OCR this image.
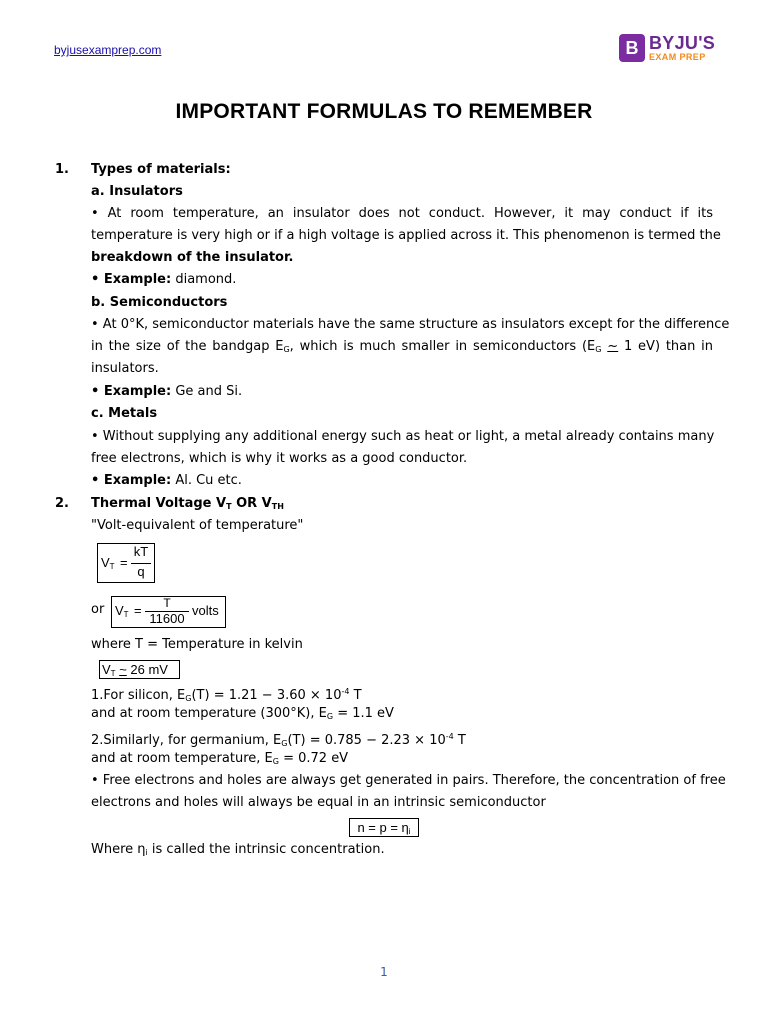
byjusexamprep.com	B BYJU'S
EXAM PREP
IMPORTANT FORMULAS TO REMEMBER
1. Types of materials:
a. Insulators
• At room temperature, an insulator does not conduct. However, it may conduct if its
temperature is very high or if a high voltage is applied across it. This phenomenon is termed the
breakdown of the insulator.
• Example: diamond.
b. Semiconductors
• At 0°K, semiconductor materials have the same structure as insulators except for the difference
in the size of the bandgap $E_G$, which is much smaller in semiconductors ($E_G$ ~ 1 eV) than in
insulators.
• Example: Ge and Si.
c. Metals
• Without supplying any additional energy such as heat or light, a metal already contains many
free electrons, which is why it works as a good conductor.
• Example: Al. Cu etc.
2. Thermal Voltage $V_T$ OR $V_{TH}$
"Volt-equivalent of temperature"
$V_T$ =
kT
q
or $V_T$ =	T
11600
volts
where T = Temperature in kelvin
$V_T$ ~ 26 mV
1.For silicon, $E_G(T) = 1.21 - 3.60 \times 10^{-4}$ T
and at room temperature (300°K), $E_G = 1.1$ eV
2.Similarly, for germanium, $E_G(T) = 0.785 - 2.23 \times 10^{-4}$ T
and at room temperature, $E_G = 0.72$ eV
• Free electrons and holes are always get generated in pairs. Therefore, the concentration of free
electrons and holes will always be equal in an intrinsic semiconductor
$n = p = \eta_i$
Where $\eta_i$ is called the intrinsic concentration.
1
